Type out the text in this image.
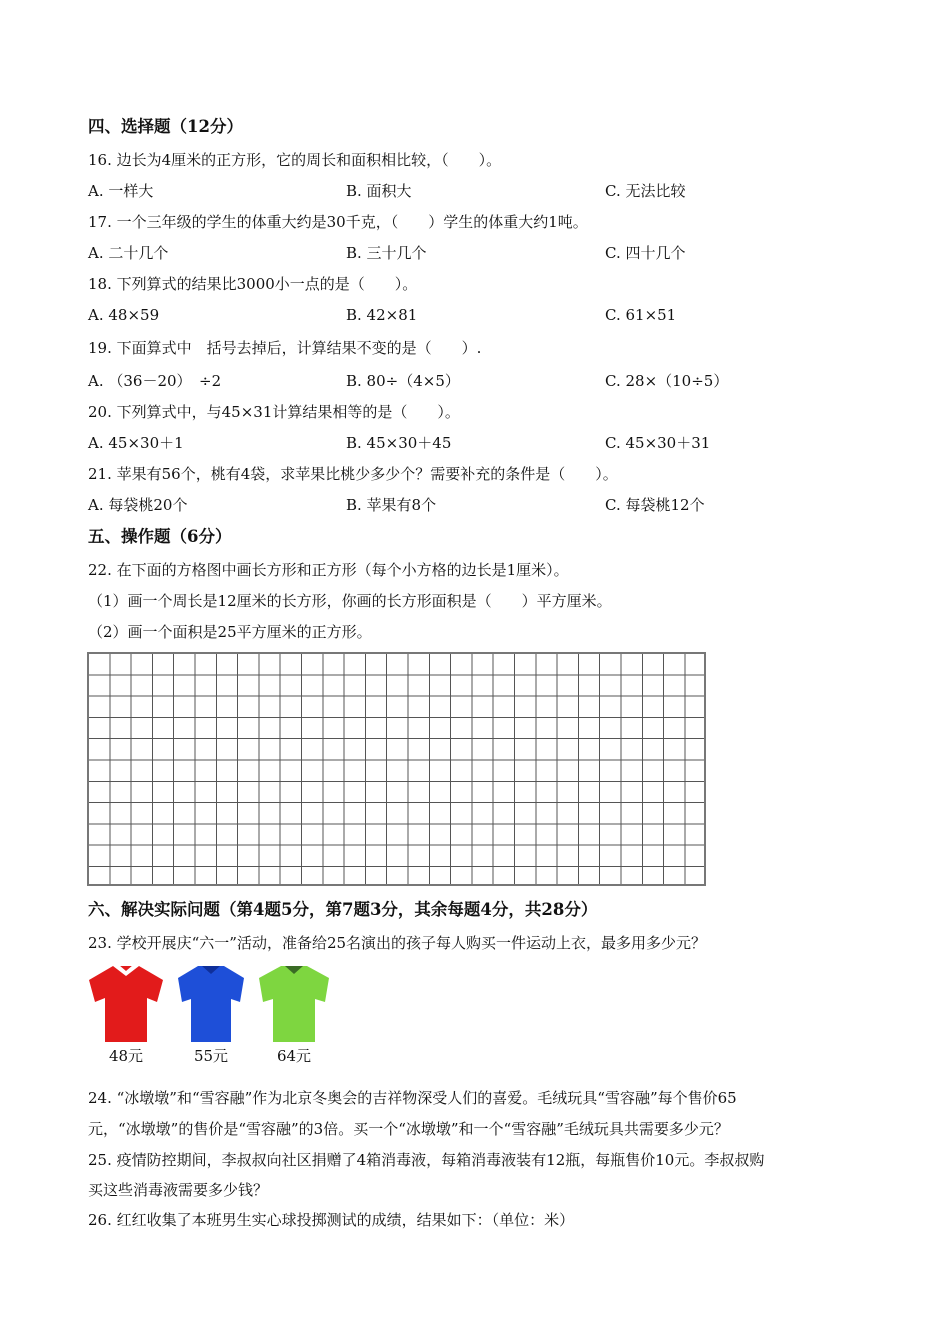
四、选择题（12分）
16. 边长为4厘米的正方形，它的周长和面积相比较，（　　）。
A. 一样大	B. 面积大	C. 无法比较
17. 一个三年级的学生的体重大约是30千克，（　　）学生的体重大约1吨。
A. 二十几个	B. 三十几个	C. 四十几个
18. 下列算式的结果比3000小一点的是（　　）。
A. 48×59	B. 42×81	C. 61×51
19. 下面算式中　括号去掉后，计算结果不变的是（　　）.
A. （36－20）　÷2	B. 80÷（4×5）	C. 28×（10÷5）
20. 下列算式中，与45×31计算结果相等的是（　　）。
A. 45×30＋1	B. 45×30＋45	C. 45×30＋31
21. 苹果有56个，桃有4袋，求苹果比桃少多少个？需要补充的条件是（　　）。
A. 每袋桃20个	B. 苹果有8个	C. 每袋桃12个
五、操作题（6分）
22. 在下面的方格图中画长方形和正方形（每个小方格的边长是1厘米）。
（1）画一个周长是12厘米的长方形，你画的长方形面积是（　　）平方厘米。
（2）画一个面积是25平方厘米的正方形。
六、解决实际问题（第4题5分，第7题3分，其余每题4分，共28分）
23. 学校开展庆“六一”活动，准备给25名演出的孩子每人购买一件运动上衣，最多用多少元？
48元	55元	64元
24. “冰墩墩”和“雪容融”作为北京冬奥会的吉祥物深受人们的喜爱。毛绒玩具“雪容融”每个售价65
元，“冰墩墩”的售价是“雪容融”的3倍。买一个“冰墩墩”和一个“雪容融”毛绒玩具共需要多少元？
25. 疫情防控期间，李叔叔向社区捐赠了4箱消毒液，每箱消毒液装有12瓶，每瓶售价10元。李叔叔购
买这些消毒液需要多少钱？
26. 红红收集了本班男生实心球投掷测试的成绩，结果如下：（单位：米）
